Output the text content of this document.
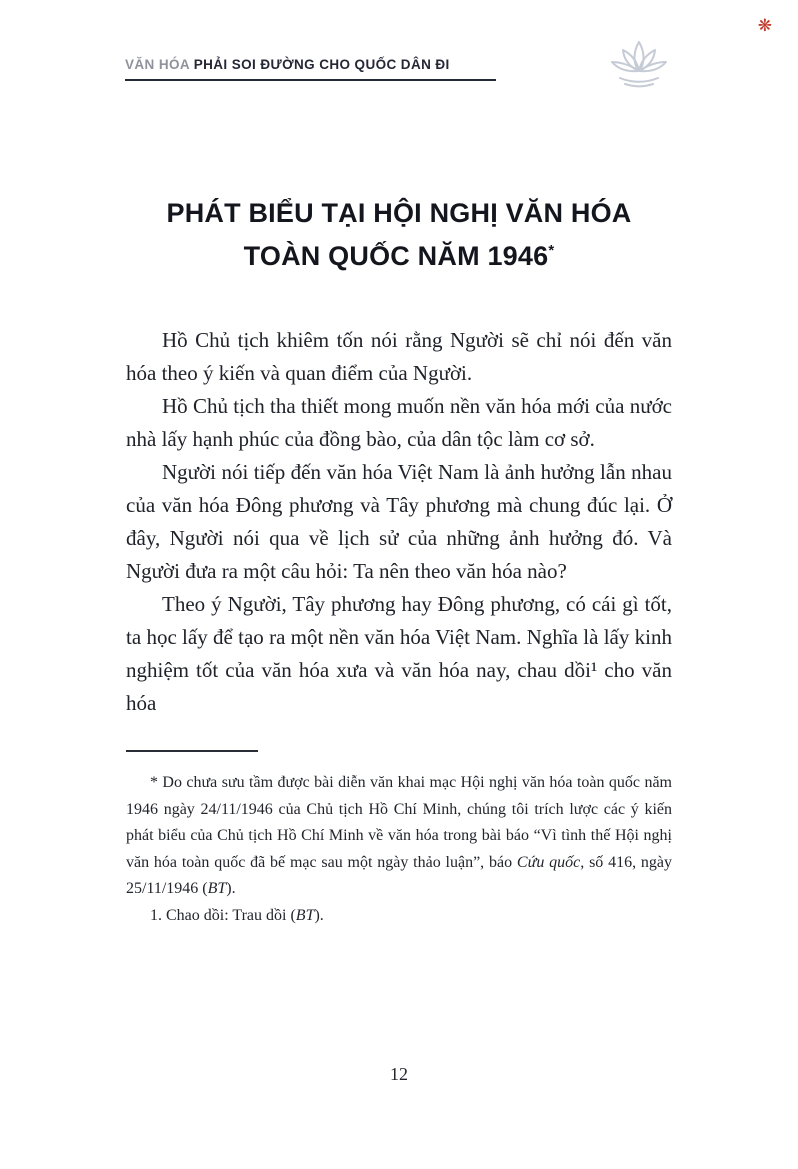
❋
VĂN HÓA PHẢI SOI ĐƯỜNG CHO QUỐC DÂN ĐI
PHÁT BIỂU TẠI HỘI NGHỊ VĂN HÓA
TOÀN QUỐC NĂM 1946*

Hồ Chủ tịch khiêm tốn nói rằng Người sẽ chỉ nói đến văn hóa theo ý kiến và quan điểm của Người.

Hồ Chủ tịch tha thiết mong muốn nền văn hóa mới của nước nhà lấy hạnh phúc của đồng bào, của dân tộc làm cơ sở.

Người nói tiếp đến văn hóa Việt Nam là ảnh hưởng lẫn nhau của văn hóa Đông phương và Tây phương mà chung đúc lại. Ở đây, Người nói qua về lịch sử của những ảnh hưởng đó. Và Người đưa ra một câu hỏi: Ta nên theo văn hóa nào?

Theo ý Người, Tây phương hay Đông phương, có cái gì tốt, ta học lấy để tạo ra một nền văn hóa Việt Nam. Nghĩa là lấy kinh nghiệm tốt của văn hóa xưa và văn hóa nay, chau dồi¹ cho văn hóa

* Do chưa sưu tầm được bài diễn văn khai mạc Hội nghị văn hóa toàn quốc năm 1946 ngày 24/11/1946 của Chủ tịch Hồ Chí Minh, chúng tôi trích lược các ý kiến phát biểu của Chủ tịch Hồ Chí Minh về văn hóa trong bài báo “Vì tình thế Hội nghị văn hóa toàn quốc đã bế mạc sau một ngày thảo luận”, báo Cứu quốc, số 416, ngày 25/11/1946 (BT).

1. Chao dồi: Trau dồi (BT).

12
